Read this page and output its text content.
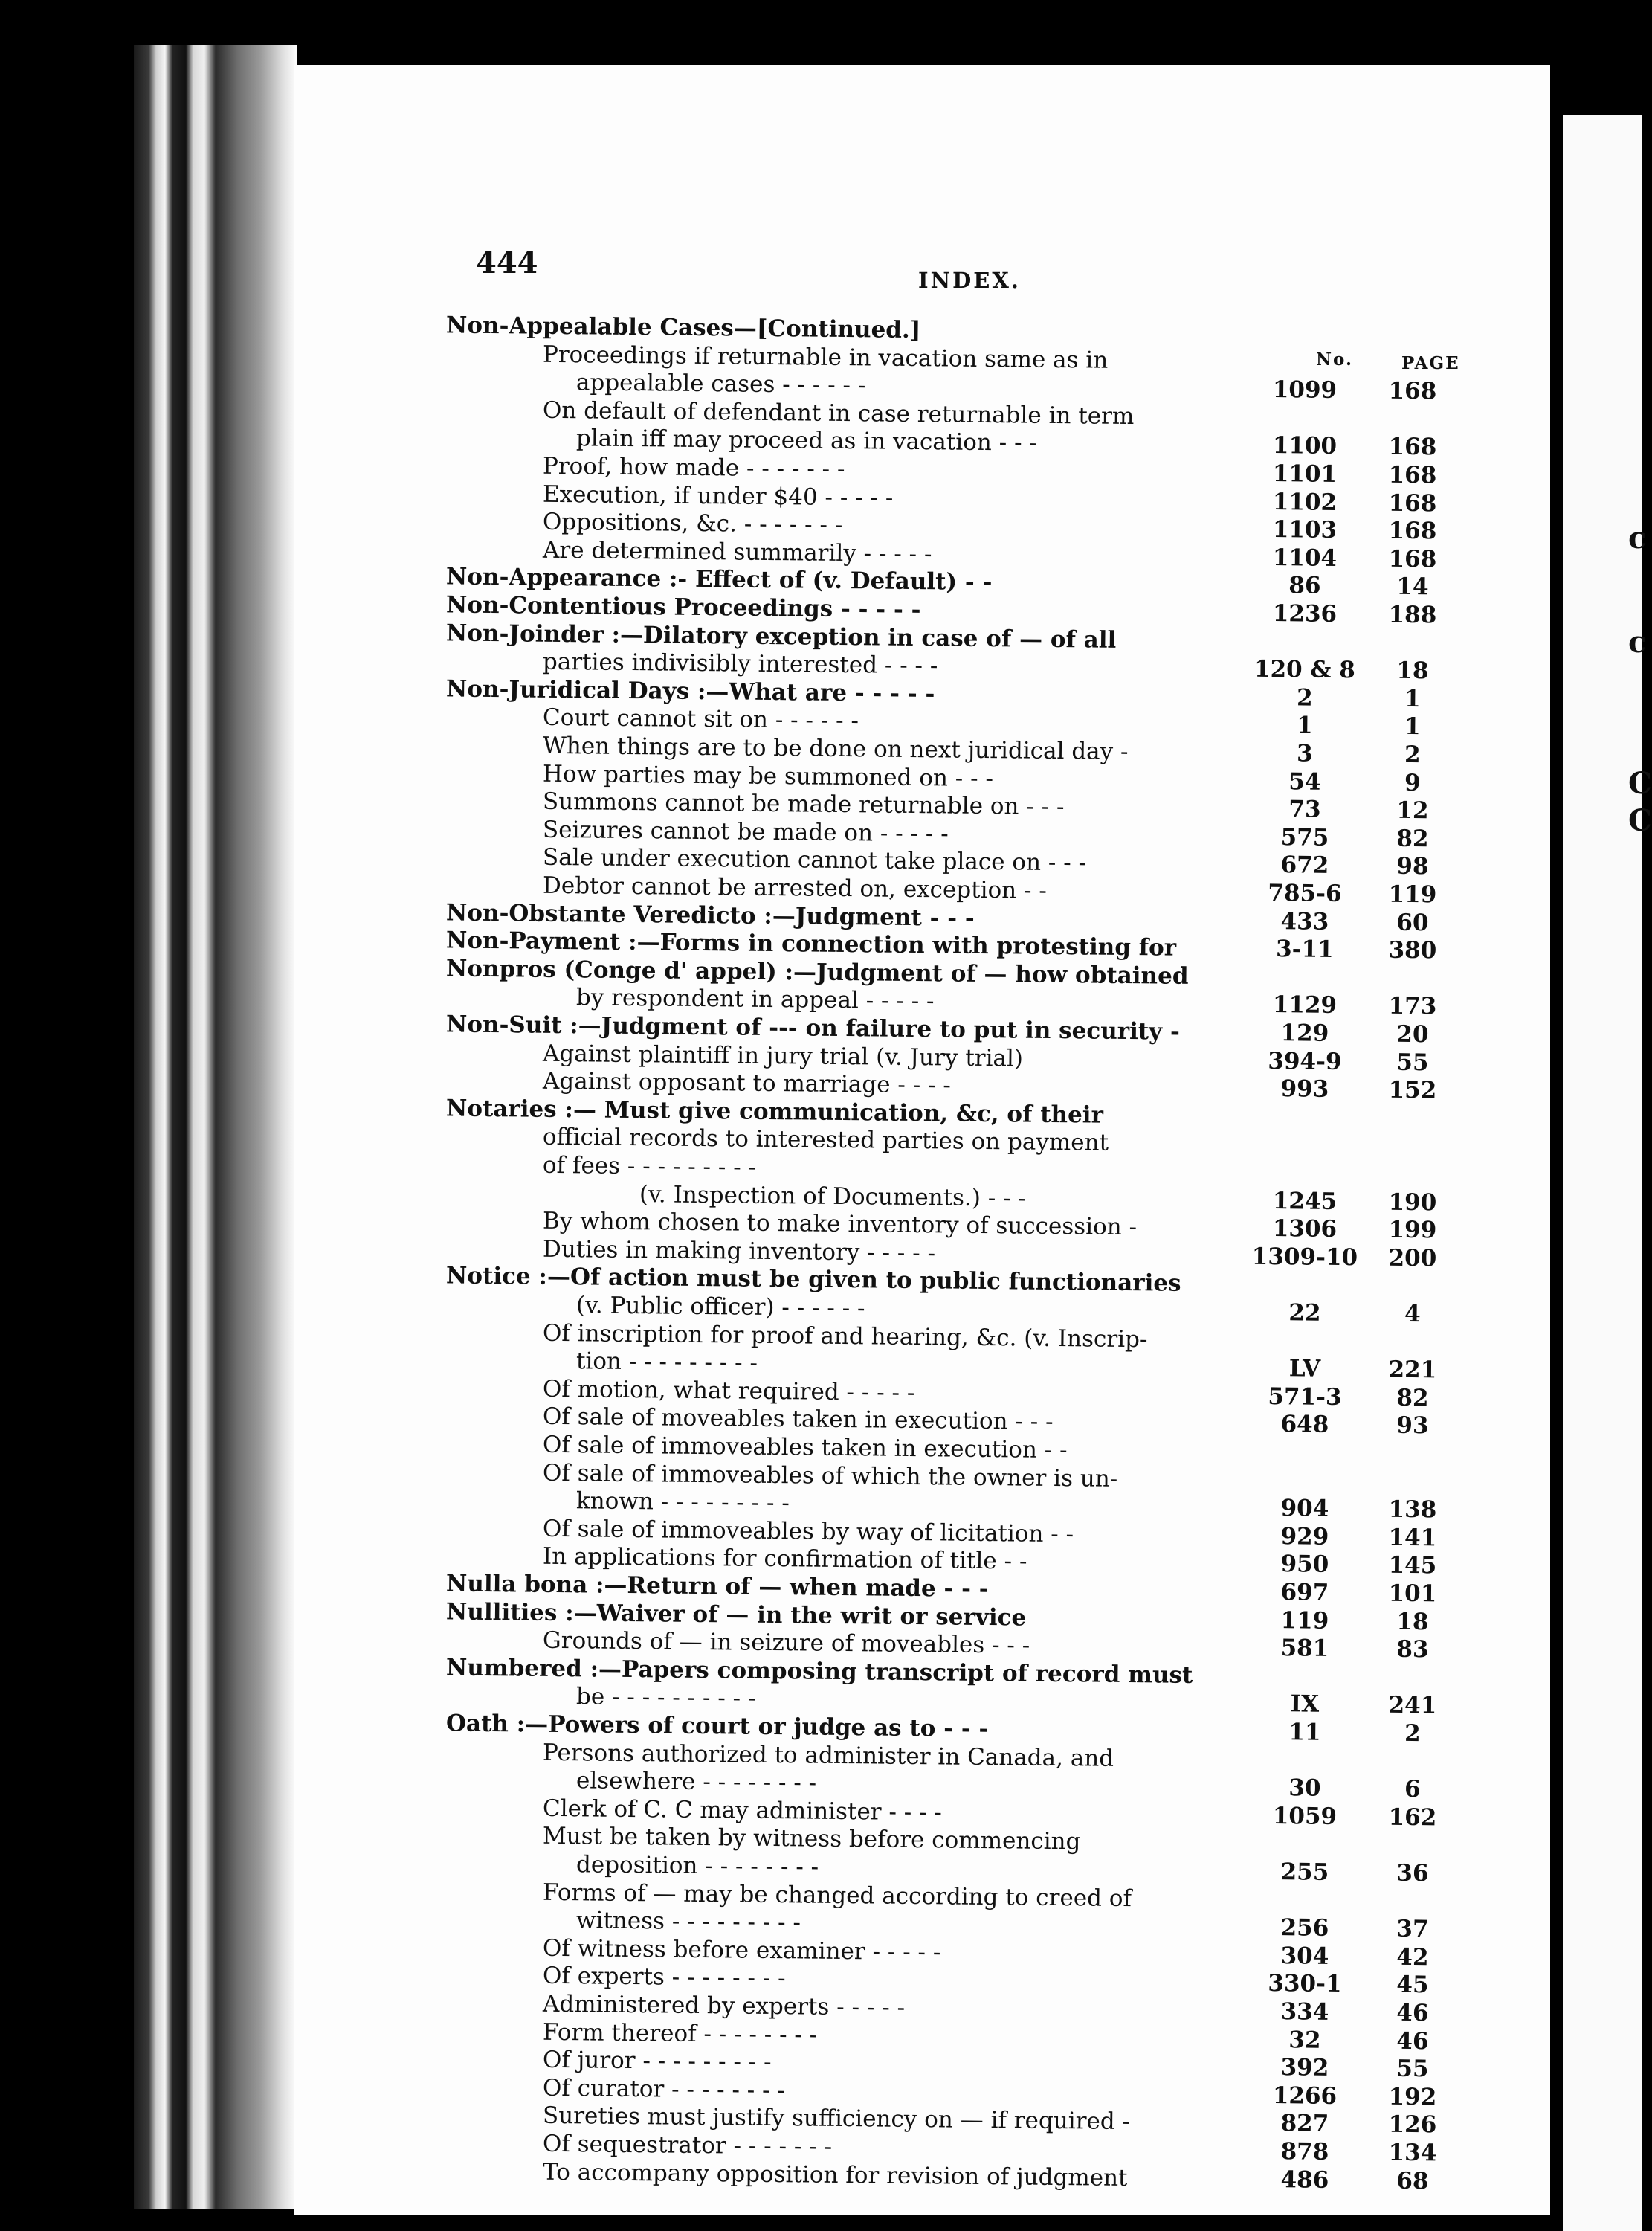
c
c
C
C
444	INDEX.
No.	PAGE
Non-Appealable Cases—[Continued.]
Proceedings if returnable in vacation same as in
appealable cases - - - - - -	1099	168
On default of defendant in case returnable in term
plain iff may proceed as in vacation - - -	1100	168
Proof, how made - - - - - - -	1101	168
Execution, if under $40 - - - - -	1102	168
Oppositions, &c. - - - - - - -	1103	168
Are determined summarily - - - - -	1104	168
Non-Appearance :- Effect of (v. Default) - -	86	14
Non-Contentious Proceedings - - - - -	1236	188
Non-Joinder :—Dilatory exception in case of — of all
parties indivisibly interested - - - -	120 & 8	18
Non-Juridical Days :—What are - - - - -	2	1
Court cannot sit on - - - - - -	1	1
When things are to be done on next juridical day -	3	2
How parties may be summoned on - - -	54	9
Summons cannot be made returnable on - - -	73	12
Seizures cannot be made on - - - - -	575	82
Sale under execution cannot take place on - - -	672	98
Debtor cannot be arrested on, exception - -	785-6	119
Non-Obstante Veredicto :—Judgment - - -	433	60
Non-Payment :—Forms in connection with protesting for	3-11	380
Nonpros (Conge d' appel) :—Judgment of — how obtained
by respondent in appeal - - - - -	1129	173
Non-Suit :—Judgment of --- on failure to put in security -	129	20
Against plaintiff in jury trial (v. Jury trial)	394-9	55
Against opposant to marriage - - - -	993	152
Notaries :— Must give communication, &c, of their
official records to interested parties on payment
of fees - - - - - - - - -
(v. Inspection of Documents.) - - -	1245	190
By whom chosen to make inventory of succession -	1306	199
Duties in making inventory - - - - -	1309-10	200
Notice :—Of action must be given to public functionaries
(v. Public officer) - - - - - -	22	4
Of inscription for proof and hearing, &c. (v. Inscrip-
tion - - - - - - - - -	LV	221
Of motion, what required - - - - -	571-3	82
Of sale of moveables taken in execution - - -	648	93
Of sale of immoveables taken in execution - -
Of sale of immoveables of which the owner is un-
known - - - - - - - - -	904	138
Of sale of immoveables by way of licitation - -	929	141
In applications for confirmation of title - -	950	145
Nulla bona :—Return of — when made - - -	697	101
Nullities :—Waiver of — in the writ or service	119	18
Grounds of — in seizure of moveables - - -	581	83
Numbered :—Papers composing transcript of record must
be - - - - - - - - - -	IX	241
Oath :—Powers of court or judge as to - - -	11	2
Persons authorized to administer in Canada, and
elsewhere - - - - - - - -	30	6
Clerk of C. C may administer - - - -	1059	162
Must be taken by witness before commencing
deposition - - - - - - - -	255	36
Forms of — may be changed according to creed of
witness - - - - - - - - -	256	37
Of witness before examiner - - - - -	304	42
Of experts - - - - - - - -	330-1	45
Administered by experts - - - - -	334	46
Form thereof - - - - - - - -	32	46
Of juror - - - - - - - - -	392	55
Of curator - - - - - - - -	1266	192
Sureties must justify sufficiency on — if required -	827	126
Of sequestrator - - - - - - -	878	134
To accompany opposition for revision of judgment	486	68
